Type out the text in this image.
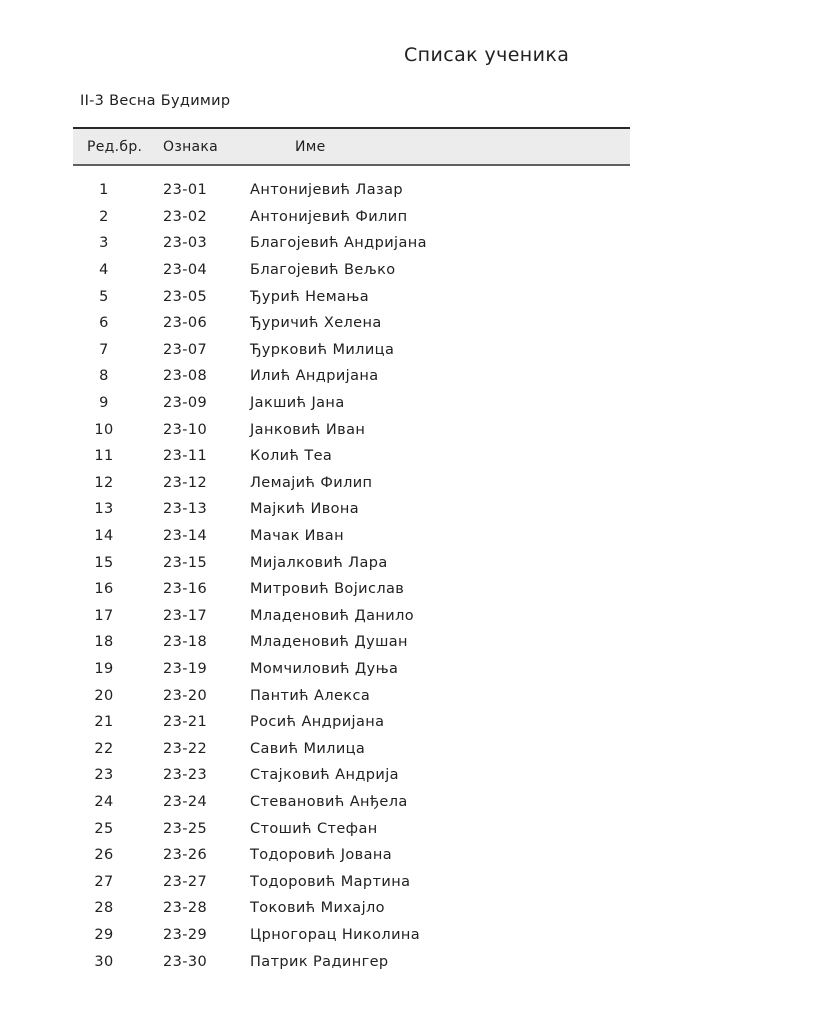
Списак ученика
II-3 Весна Будимир
Ред.бр. Ознака	Име
1	23-01	Антонијевић Лазар
2	23-02	Антонијевић Филип
3	23-03	Благојевић Андријана
4	23-04	Благојевић Вељко
5	23-05	Ђурић Немања
6	23-06	Ђуричић Хелена
7	23-07	Ђурковић Милица
8	23-08	Илић Андријана
9	23-09	Јакшић Јана
10	23-10	Јанковић Иван
11	23-11	Колић Теа
12	23-12	Лемајић Филип
13	23-13	Мајкић Ивона
14	23-14	Мачак Иван
15	23-15	Мијалковић Лара
16	23-16	Митровић Војислав
17	23-17	Младеновић Данило
18	23-18	Младеновић Душан
19	23-19	Момчиловић Дуња
20	23-20	Пантић Алекса
21	23-21	Росић Андријана
22	23-22	Савић Милица
23	23-23	Стајковић Андрија
24	23-24	Стевановић Анђела
25	23-25	Стошић Стефан
26	23-26	Тодоровић Јована
27	23-27	Тодоровић Мартина
28	23-28	Токовић Михајло
29	23-29	Црногорац Николина
30	23-30	Патрик Радингер
